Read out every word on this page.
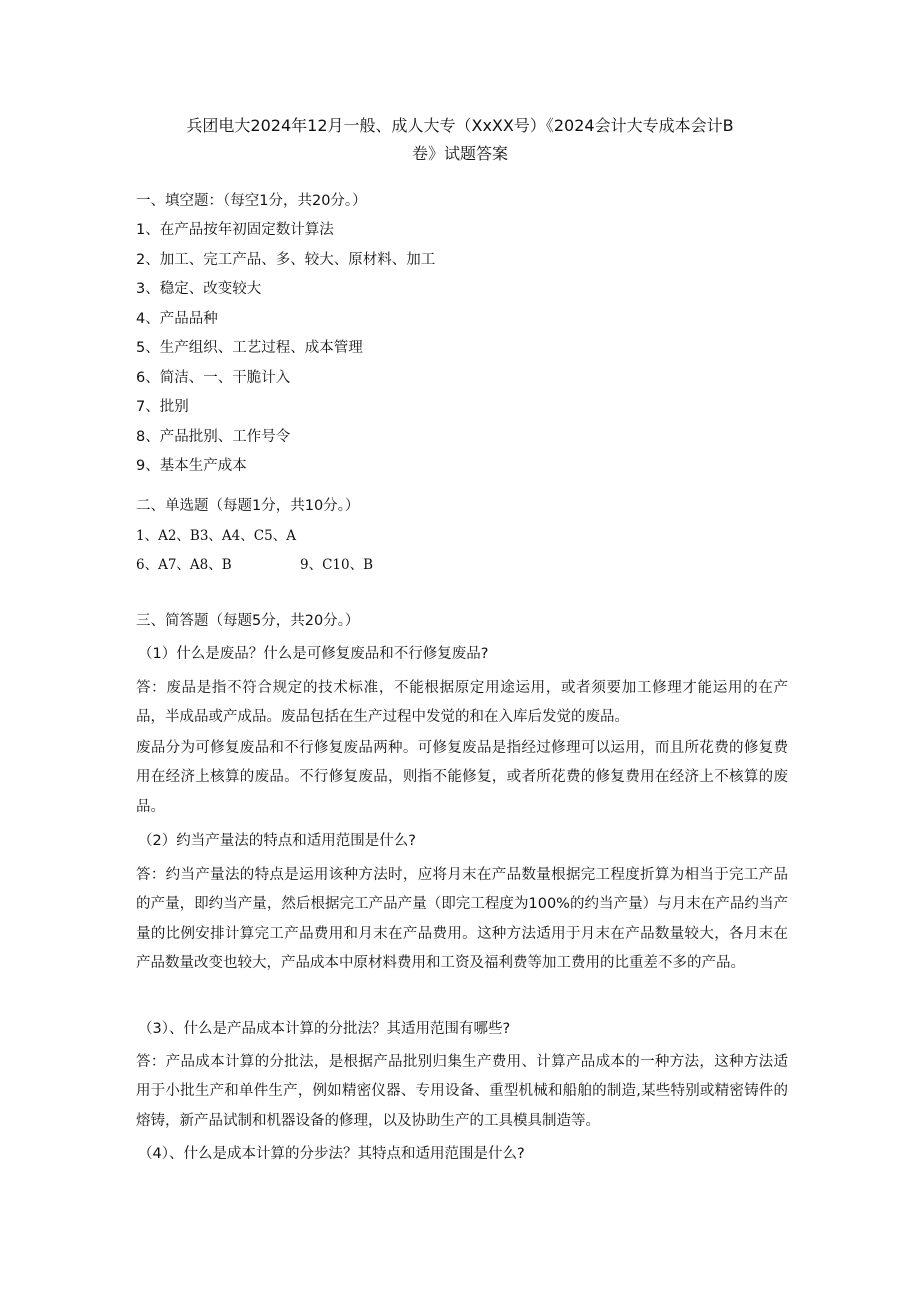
兵团电大2024年12月一般、成人大专（XxXX号）《2024会计大专成本会计B
卷》试题答案
一、填空题：（每空1分，共20分。）
1、在产品按年初固定数计算法
2、加工、完工产品、多、较大、原材料、加工
3、稳定、改变较大
4、产品品种
5、生产组织、工艺过程、成本管理
6、简洁、一、干脆计入
7、批别
8、产品批别、工作号令
9、基本生产成本
二、单选题（每题1分，共10分。）
1、A2、B3、A4、C5、A
6、A7、A8、B	9、C10、B
三、简答题（每题5分，共20分。）
（1）什么是废品？什么是可修复废品和不行修复废品?
答：废品是指不符合规定的技术标准，不能根据原定用途运用，或者须要加工修理才能运用的在产品，半成品或产成品。废品包括在生产过程中发觉的和在入库后发觉的废品。
废品分为可修复废品和不行修复废品两种。可修复废品是指经过修理可以运用，而且所花费的修复费用在经济上核算的废品。不行修复废品，则指不能修复，或者所花费的修复费用在经济上不核算的废品。
（2）约当产量法的特点和适用范围是什么?
答：约当产量法的特点是运用该种方法时，应将月末在产品数量根据完工程度折算为相当于完工产品的产量，即约当产量，然后根据完工产品产量（即完工程度为100%的约当产量）与月末在产品约当产量的比例安排计算完工产品费用和月末在产品费用。这种方法适用于月末在产品数量较大，各月末在产品数量改变也较大，产品成本中原材料费用和工资及福利费等加工费用的比重差不多的产品。
（3）、什么是产品成本计算的分批法？其适用范围有哪些?
答：产品成本计算的分批法，是根据产品批别归集生产费用、计算产品成本的一种方法，这种方法适用于小批生产和单件生产，例如精密仪器、专用设备、重型机械和船舶的制造,某些特别或精密铸件的熔铸，新产品试制和机器设备的修理，以及协助生产的工具模具制造等。
（4）、什么是成本计算的分步法？其特点和适用范围是什么?
